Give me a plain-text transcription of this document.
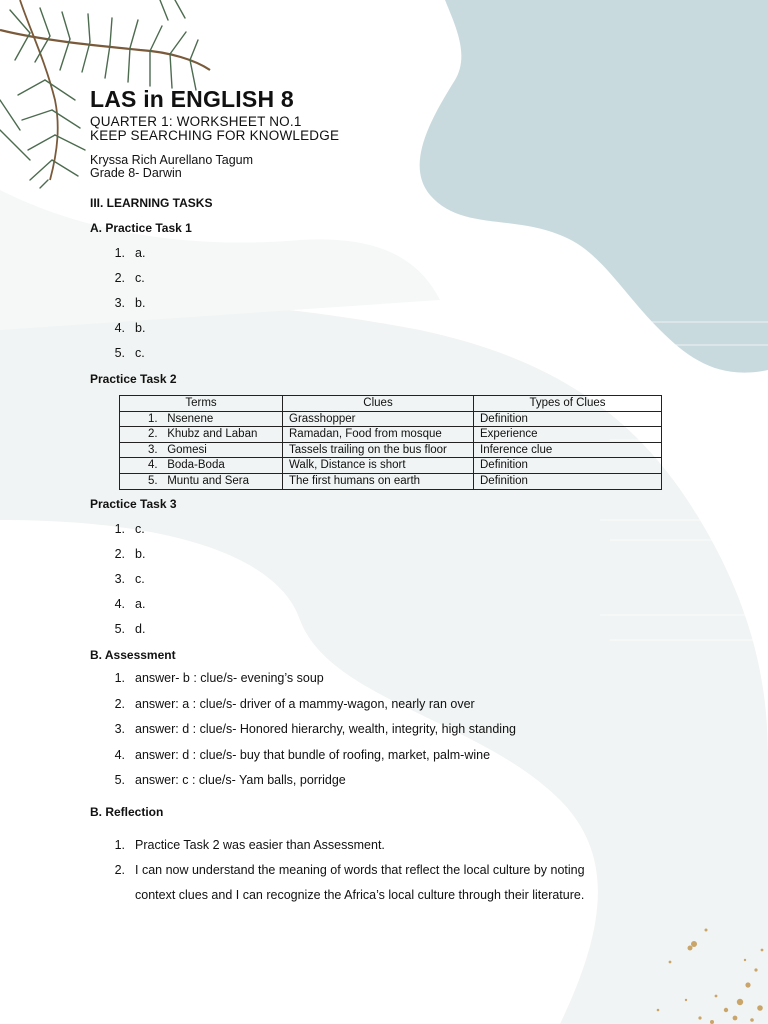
LAS in ENGLISH 8
QUARTER 1: WORKSHEET NO.1
KEEP SEARCHING FOR KNOWLEDGE
Kryssa Rich Aurellano Tagum
Grade 8- Darwin
III. LEARNING TASKS
A. Practice Task 1
1. a.
2. c.
3. b.
4. b.
5. c.
Practice Task 2
Terms	Clues	Types of Clues
1. Nsenene	Grasshopper	Definition
2. Khubz and Laban	Ramadan, Food from mosque	Experience
3. Gomesi	Tassels trailing on the bus floor	Inference clue
4. Boda-Boda	Walk, Distance is short	Definition
5. Muntu and Sera	The first humans on earth	Definition
Practice Task 3
1. c.
2. b.
3. c.
4. a.
5. d.
B. Assessment
1. answer- b : clue/s- evening’s soup
2. answer: a : clue/s- driver of a mammy-wagon, nearly ran over
3. answer: d : clue/s- Honored hierarchy, wealth, integrity, high standing
4. answer: d : clue/s- buy that bundle of roofing, market, palm-wine
5. answer: c : clue/s- Yam balls, porridge
B. Reflection
1. Practice Task 2 was easier than Assessment.
2. I can now understand the meaning of words that reflect the local culture by noting
context clues and I can recognize the Africa’s local culture through their literature.
